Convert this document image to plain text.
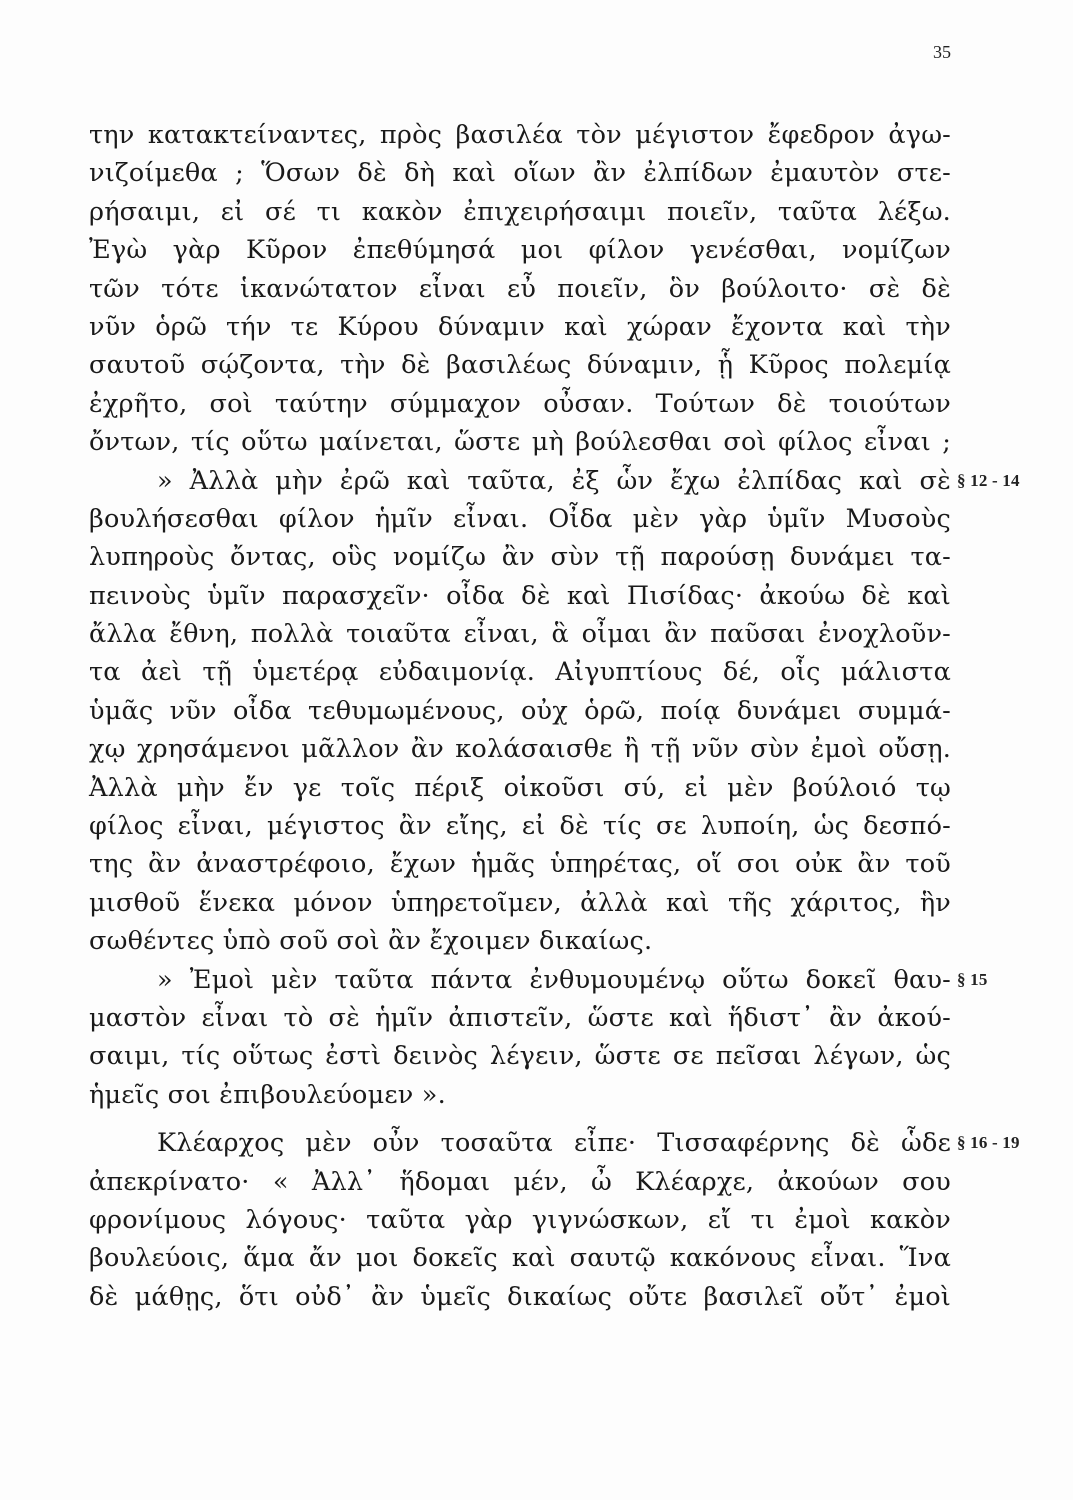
35
την κατακτείναντες, πρὸς βασιλέα τὸν μέγιστον ἔφεδρον ἀγω-
νιζοίμεθα ; Ὅσων δὲ δὴ καὶ οἵων ἂν ἐλπίδων ἐμαυτὸν στε-
ρήσαιμι, εἰ σέ τι κακὸν ἐπιχειρήσαιμι ποιεῖν, ταῦτα λέξω.
Ἐγὼ γὰρ Κῦρον ἐπεθύμησά μοι φίλον γενέσθαι, νομίζων
τῶν τότε ἱκανώτατον εἶναι εὖ ποιεῖν, ὃν βούλοιτο· σὲ δὲ
νῦν ὁρῶ τήν τε Κύρου δύναμιν καὶ χώραν ἔχοντα καὶ τὴν
σαυτοῦ σῴζοντα, τὴν δὲ βασιλέως δύναμιν, ᾗ Κῦρος πολεμίᾳ
ἐχρῆτο, σοὶ ταύτην σύμμαχον οὖσαν. Τούτων δὲ τοιούτων
ὄντων, τίς οὕτω μαίνεται, ὥστε μὴ βούλεσθαι σοὶ φίλος εἶναι ;
» Ἀλλὰ μὴν ἐρῶ καὶ ταῦτα, ἐξ ὧν ἔχω ἐλπίδας καὶ σὲ § 12 - 14
βουλήσεσθαι φίλον ἡμῖν εἶναι. Οἶδα μὲν γὰρ ὑμῖν Μυσοὺς
λυπηροὺς ὄντας, οὓς νομίζω ἂν σὺν τῇ παρούσῃ δυνάμει τα-
πεινοὺς ὑμῖν παρασχεῖν· οἶδα δὲ καὶ Πισίδας· ἀκούω δὲ καὶ
ἄλλα ἔθνη, πολλὰ τοιαῦτα εἶναι, ἃ οἶμαι ἂν παῦσαι ἐνοχλοῦν-
τα ἀεὶ τῇ ὑμετέρᾳ εὐδαιμονίᾳ. Αἰγυπτίους δέ, οἷς μάλιστα
ὑμᾶς νῦν οἶδα τεθυμωμένους, οὐχ ὁρῶ, ποίᾳ δυνάμει συμμά-
χῳ χρησάμενοι μᾶλλον ἂν κολάσαισθε ἢ τῇ νῦν σὺν ἐμοὶ οὔσῃ.
Ἀλλὰ μὴν ἔν γε τοῖς πέριξ οἰκοῦσι σύ, εἰ μὲν βούλοιό τῳ
φίλος εἶναι, μέγιστος ἂν εἴης, εἰ δὲ τίς σε λυποίη, ὡς δεσπό-
της ἂν ἀναστρέφοιο, ἔχων ἡμᾶς ὑπηρέτας, οἵ σοι οὐκ ἂν τοῦ
μισθοῦ ἕνεκα μόνον ὑπηρετοῖμεν, ἀλλὰ καὶ τῆς χάριτος, ἣν
σωθέντες ὑπὸ σοῦ σοὶ ἂν ἔχοιμεν δικαίως.
» Ἐμοὶ μὲν ταῦτα πάντα ἐνθυμουμένῳ οὕτω δοκεῖ θαυ- § 15
μαστὸν εἶναι τὸ σὲ ἡμῖν ἀπιστεῖν, ὥστε καὶ ἥδιστ᾽ ἂν ἀκού-
σαιμι, τίς οὕτως ἐστὶ δεινὸς λέγειν, ὥστε σε πεῖσαι λέγων, ὡς
ἡμεῖς σοι ἐπιβουλεύομεν ».
Κλέαρχος μὲν οὖν τοσαῦτα εἶπε· Τισσαφέρνης δὲ ὧδε § 16 - 19
ἀπεκρίνατο· « Ἀλλ᾽ ἥδομαι μέν, ὦ Κλέαρχε, ἀκούων σου
φρονίμους λόγους· ταῦτα γὰρ γιγνώσκων, εἴ τι ἐμοὶ κακὸν
βουλεύοις, ἅμα ἄν μοι δοκεῖς καὶ σαυτῷ κακόνους εἶναι. Ἵνα
δὲ μάθῃς, ὅτι οὐδ᾽ ἂν ὑμεῖς δικαίως οὔτε βασιλεῖ οὔτ᾽ ἐμοὶ
